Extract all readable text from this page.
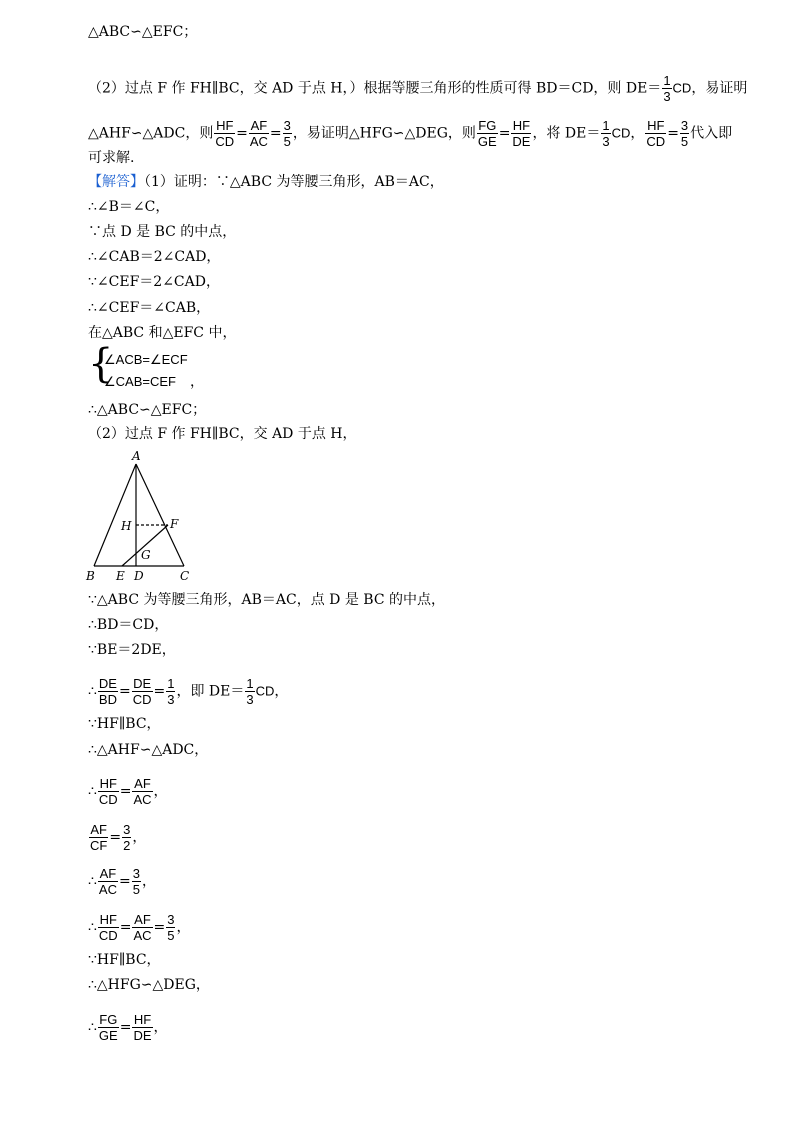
△ABC∽△EFC；
（2）过点 F 作 FH∥BC，交 AD 于点 H，）根据等腰三角形的性质可得 BD＝CD，则 $DE= \frac{1}{3}$ CD，易证明
△AHF∽△ADC，则 $\frac{HF}{CD} = \frac{AF}{AC} = \frac{3}{5}$ ，易证明△HFG∽△DEG，则 $\frac{FG}{GE} = \frac{HF}{DE}$ ，将 $DE= \frac{1}{3}$ CD， $\frac{HF}{CD} = \frac{3}{5}$ 代入即
可求解.
【解答】（1）证明：∵△ABC 为等腰三角形，AB＝AC，
∴∠B＝∠C，
∵点 D 是 BC 的中点，
∴∠CAB＝2∠CAD，
∵∠CEF＝2∠CAD，
∴∠CEF＝∠CAB，
在△ABC 和△EFC 中，
{
∠ACB=∠ECF
∠CAB=CEF ，
∴△ABC∽△EFC；
（2）过点 F 作 FH∥BC，交 AD 于点 H，
A
B	C
D
E
F
G
H
∵△ABC 为等腰三角形，AB＝AC，点 D 是 BC 的中点，
∴BD＝CD，
∵BE＝2DE，
∴ $\frac{DE}{BD} = \frac{DE}{CD} = \frac{1}{3}$ ，即 $DE= \frac{1}{3}$ CD，
∵HF∥BC，
∴△AHF∽△ADC，
∴ $\frac{HF}{CD} = \frac{AF}{AC}$ ，
$\frac{AF}{CF} = \frac{3}{2}$ ，
∴ $\frac{AF}{AC} = \frac{3}{5}$ ，
∴ $\frac{HF}{CD} = \frac{AF}{AC} = \frac{3}{5}$ ，
∵HF∥BC，
∴△HFG∽△DEG，
∴ $\frac{FG}{GE} = \frac{HF}{DE}$ ，
